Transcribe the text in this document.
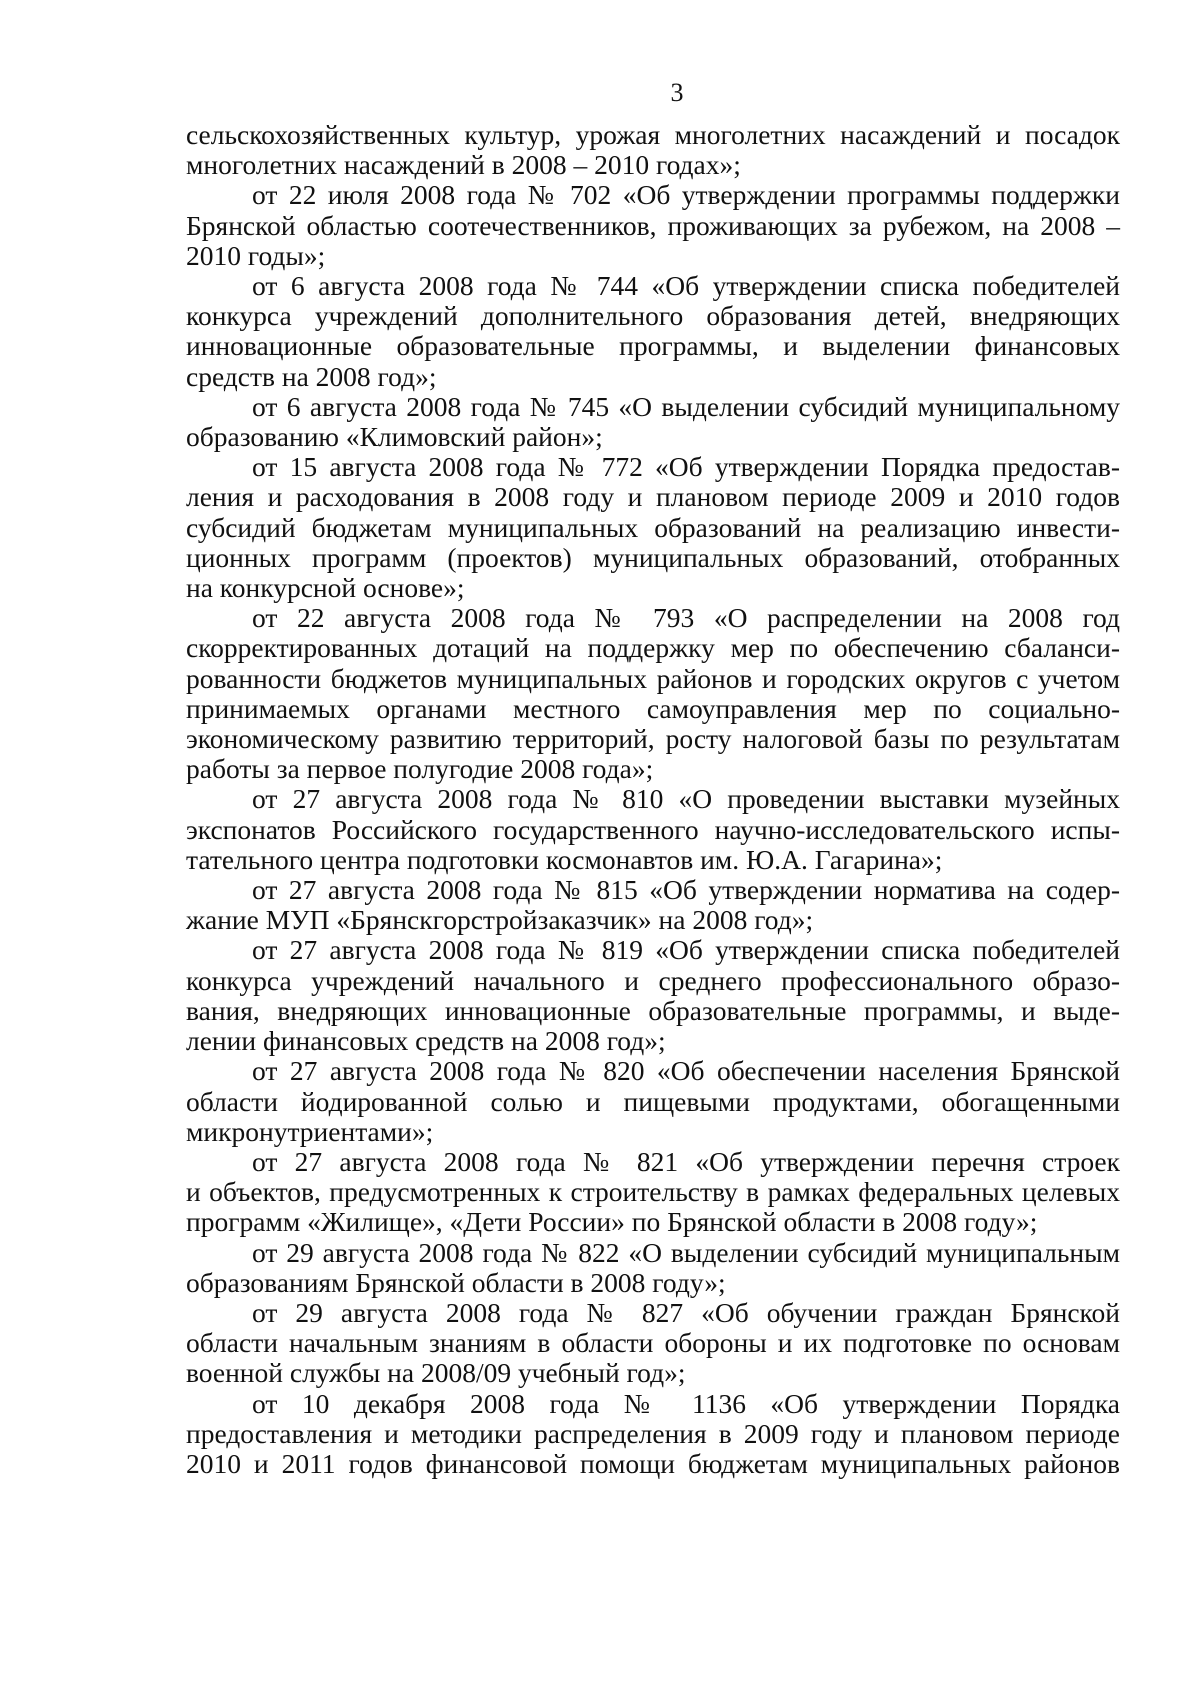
3

сельскохозяйственных культур, урожая многолетних насаждений и посадок
многолетних насаждений в 2008 – 2010 годах»;

от 22 июля 2008 года № 702 «Об утверждении программы поддержки
Брянской областью соотечественников, проживающих за рубежом, на 2008 –
2010 годы»;

от 6 августа 2008 года № 744 «Об утверждении списка победителей
конкурса учреждений дополнительного образования детей, внедряющих
инновационные образовательные программы, и выделении финансовых
средств на 2008 год»;

от 6 августа 2008 года № 745 «О выделении субсидий муниципальному
образованию «Климовский район»;

от 15 августа 2008 года № 772 «Об утверждении Порядка предостав-
ления и расходования в 2008 году и плановом периоде 2009 и 2010 годов
субсидий бюджетам муниципальных образований на реализацию инвести-
ционных программ (проектов) муниципальных образований, отобранных
на конкурсной основе»;

от 22 августа 2008 года № 793 «О распределении на 2008 год
скорректированных дотаций на поддержку мер по обеспечению сбаланси-
рованности бюджетов муниципальных районов и городских округов с учетом
принимаемых органами местного самоуправления мер по социально-
экономическому развитию территорий, росту налоговой базы по результатам
работы за первое полугодие 2008 года»;

от 27 августа 2008 года № 810 «О проведении выставки музейных
экспонатов Российского государственного научно-исследовательского испы-
тательного центра подготовки космонавтов им. Ю.А. Гагарина»;

от 27 августа 2008 года № 815 «Об утверждении норматива на содер-
жание МУП «Брянскгорстройзаказчик» на 2008 год»;

от 27 августа 2008 года № 819 «Об утверждении списка победителей
конкурса учреждений начального и среднего профессионального образо-
вания, внедряющих инновационные образовательные программы, и выде-
лении финансовых средств на 2008 год»;

от 27 августа 2008 года № 820 «Об обеспечении населения Брянской
области йодированной солью и пищевыми продуктами, обогащенными
микронутриентами»;

от 27 августа 2008 года № 821 «Об утверждении перечня строек
и объектов, предусмотренных к строительству в рамках федеральных целевых
программ «Жилище», «Дети России» по Брянской области в 2008 году»;

от 29 августа 2008 года № 822 «О выделении субсидий муниципальным
образованиям Брянской области в 2008 году»;

от 29 августа 2008 года № 827 «Об обучении граждан Брянской
области начальным знаниям в области обороны и их подготовке по основам
военной службы на 2008/09 учебный год»;

от 10 декабря 2008 года № 1136 «Об утверждении Порядка
предоставления и методики распределения в 2009 году и плановом периоде
2010 и 2011 годов финансовой помощи бюджетам муниципальных районов
